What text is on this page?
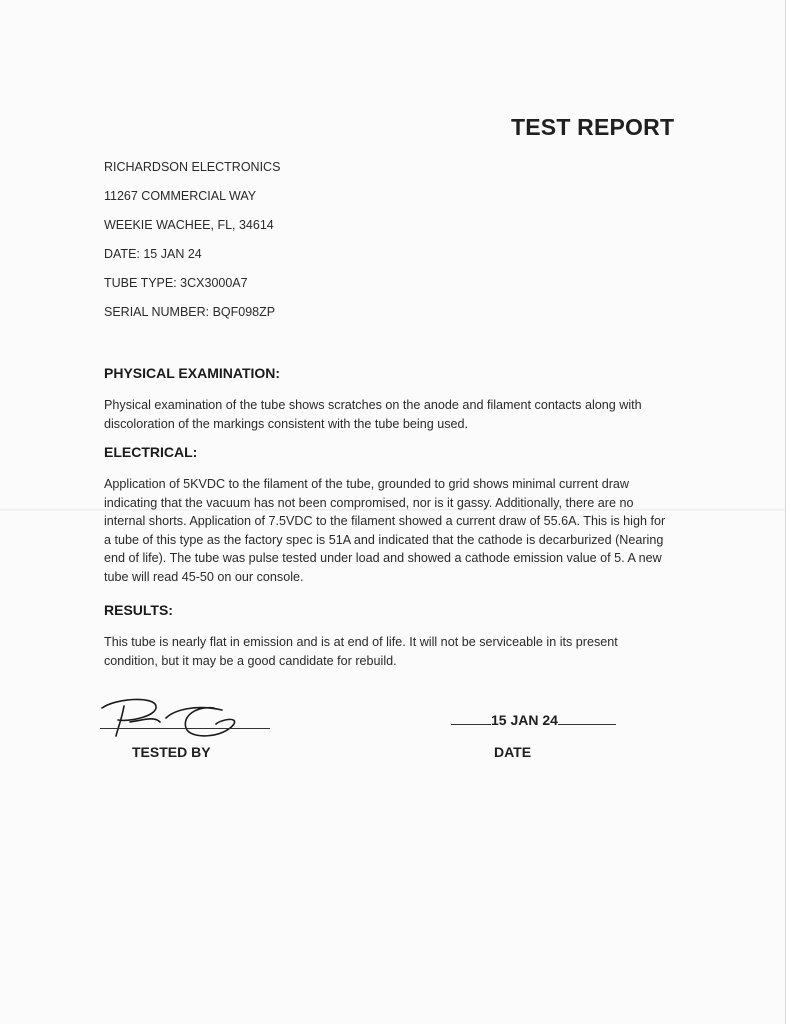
TEST REPORT
RICHARDSON ELECTRONICS
11267 COMMERCIAL WAY
WEEKIE WACHEE, FL, 34614
DATE: 15 JAN 24
TUBE TYPE: 3CX3000A7
SERIAL NUMBER: BQF098ZP
PHYSICAL EXAMINATION:

Physical examination of the tube shows scratches on the anode and filament contacts along with discoloration of the markings consistent with the tube being used.

ELECTRICAL:

Application of 5KVDC to the filament of the tube, grounded to grid shows minimal current draw indicating that the vacuum has not been compromised, nor is it gassy. Additionally, there are no internal shorts. Application of 7.5VDC to the filament showed a current draw of 55.6A. This is high for a tube of this type as the factory spec is 51A and indicated that the cathode is decarburized (Nearing end of life). The tube was pulse tested under load and showed a cathode emission value of 5. A new tube will read 45-50 on our console.

RESULTS:

This tube is nearly flat in emission and is at end of life. It will not be serviceable in its present condition, but it may be a good candidate for rebuild.

TESTED BY
15 JAN 24
DATE
